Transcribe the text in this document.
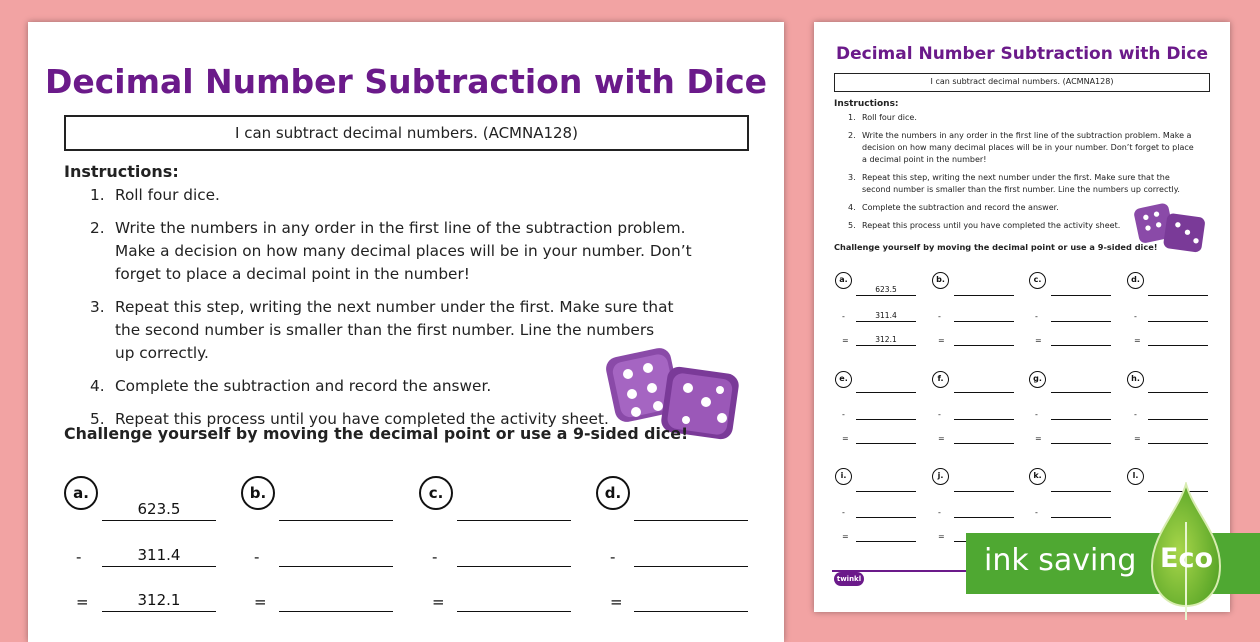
Decimal Number Subtraction with Dice
I can subtract decimal numbers. (ACMNA128)
Instructions:
1. Roll four dice.
2. Write the numbers in any order in the first line of the subtraction problem. Make a decision on how many decimal places will be in your number. Don’t forget to place a decimal point in the number!
3. Repeat this step, writing the next number under the first. Make sure that the second number is smaller than the first number. Line the numbers up correctly.
4. Complete the subtraction and record the answer.
5. Repeat this process until you have completed the activity sheet.
Challenge yourself by moving the decimal point or use a 9-sided dice!
a.
623.5
-	311.4
=	312.1
b.
-
=
c.
-
=
d.
-
=
Decimal Number Subtraction with Dice
I can subtract decimal numbers. (ACMNA128)
Instructions:
1. Roll four dice.
2. Write the numbers in any order in the first line of the subtraction problem. Make a decision on how many decimal places will be in your number. Don’t forget to place a decimal point in the number!
3. Repeat this step, writing the next number under the first. Make sure that the second number is smaller than the first number. Line the numbers up correctly.
4. Complete the subtraction and record the answer.
5. Repeat this process until you have completed the activity sheet.
Challenge yourself by moving the decimal point or use a 9-sided dice!
a.
623.5
-	311.4
=	312.1
b.
-
=
c.
-
=
d.
-
=
e.
-
=
f.
-
=
g.
-
=
h.
-
=
i.
-
=
j.
-
=
k.
-
l.
twinkl
ink saving Eco
